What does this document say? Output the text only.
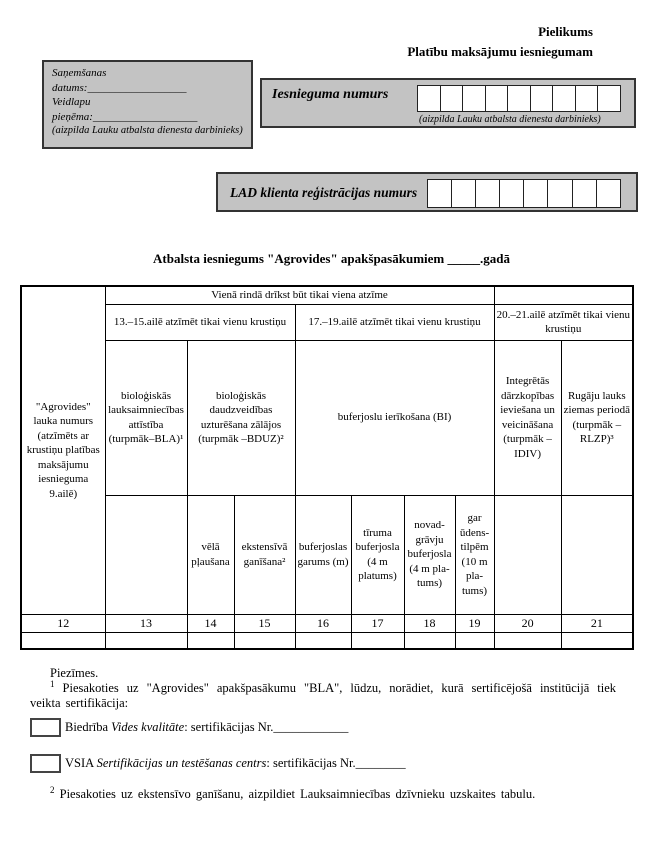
Pielikums
Platību maksājumu iesniegumam
Saņemšanas
datums:__________________
Veidlapu
pieņēma:___________________
(aizpilda Lauku atbalsta dienesta darbinieks)
Iesnieguma numurs
(aizpilda Lauku atbalsta dienesta darbinieks)
LAD klienta reģistrācijas numurs
Atbalsta iesniegums "Agrovides" apakšpasākumiem _____.gadā
"Agrovides" lauka numurs (atzīmēts ar krustiņu platības maksājumu iesnieguma 9.ailē)	Vienā rindā drīkst būt tikai viena atzīme								
	13.–15.ailē atzīmēt tikai vienu krustiņu			17.–19.ailē atzīmēt tikai vienu krustiņu				20.–21.ailē atzīmēt tikai vienu krustiņu	
	bioloģiskās lauksaimniecības attīstība (turpmāk–BLA)¹	bioloģiskās daudzveidības uzturēšana zālājos (turpmāk –BDUZ)²		buferjoslu ierīkošana (BI)				Integrētās dārzkopības ieviešana un veicināšana (turpmāk – IDIV)	Rugāju lauks ziemas periodā (turpmāk – RLZP)³
		vēlā pļaušana	ekstensīvā ganīšana²	buferjoslas garums (m)	tīruma buferjosla (4 m platums)	novadgrāvju buferjosla (4 m platums)	gar ūdenstilpēm (10 m platums)		
12	13	14	15	16	17	18	19	20	21

Piezīmes.

$^1$ Piesakoties uz "Agrovides" apakšpasākumu "BLA", lūdzu, norādiet, kurā sertificējošā institūcijā tiek veikta sertifikācija:

Biedrība Vides kvalitāte: sertifikācijas Nr.____________
VSIA Sertifikācijas un testēšanas centrs: sertifikācijas Nr.________

$^2$ Piesakoties uz ekstensīvo ganīšanu, aizpildiet Lauksaimniecības dzīvnieku uzskaites tabulu.
